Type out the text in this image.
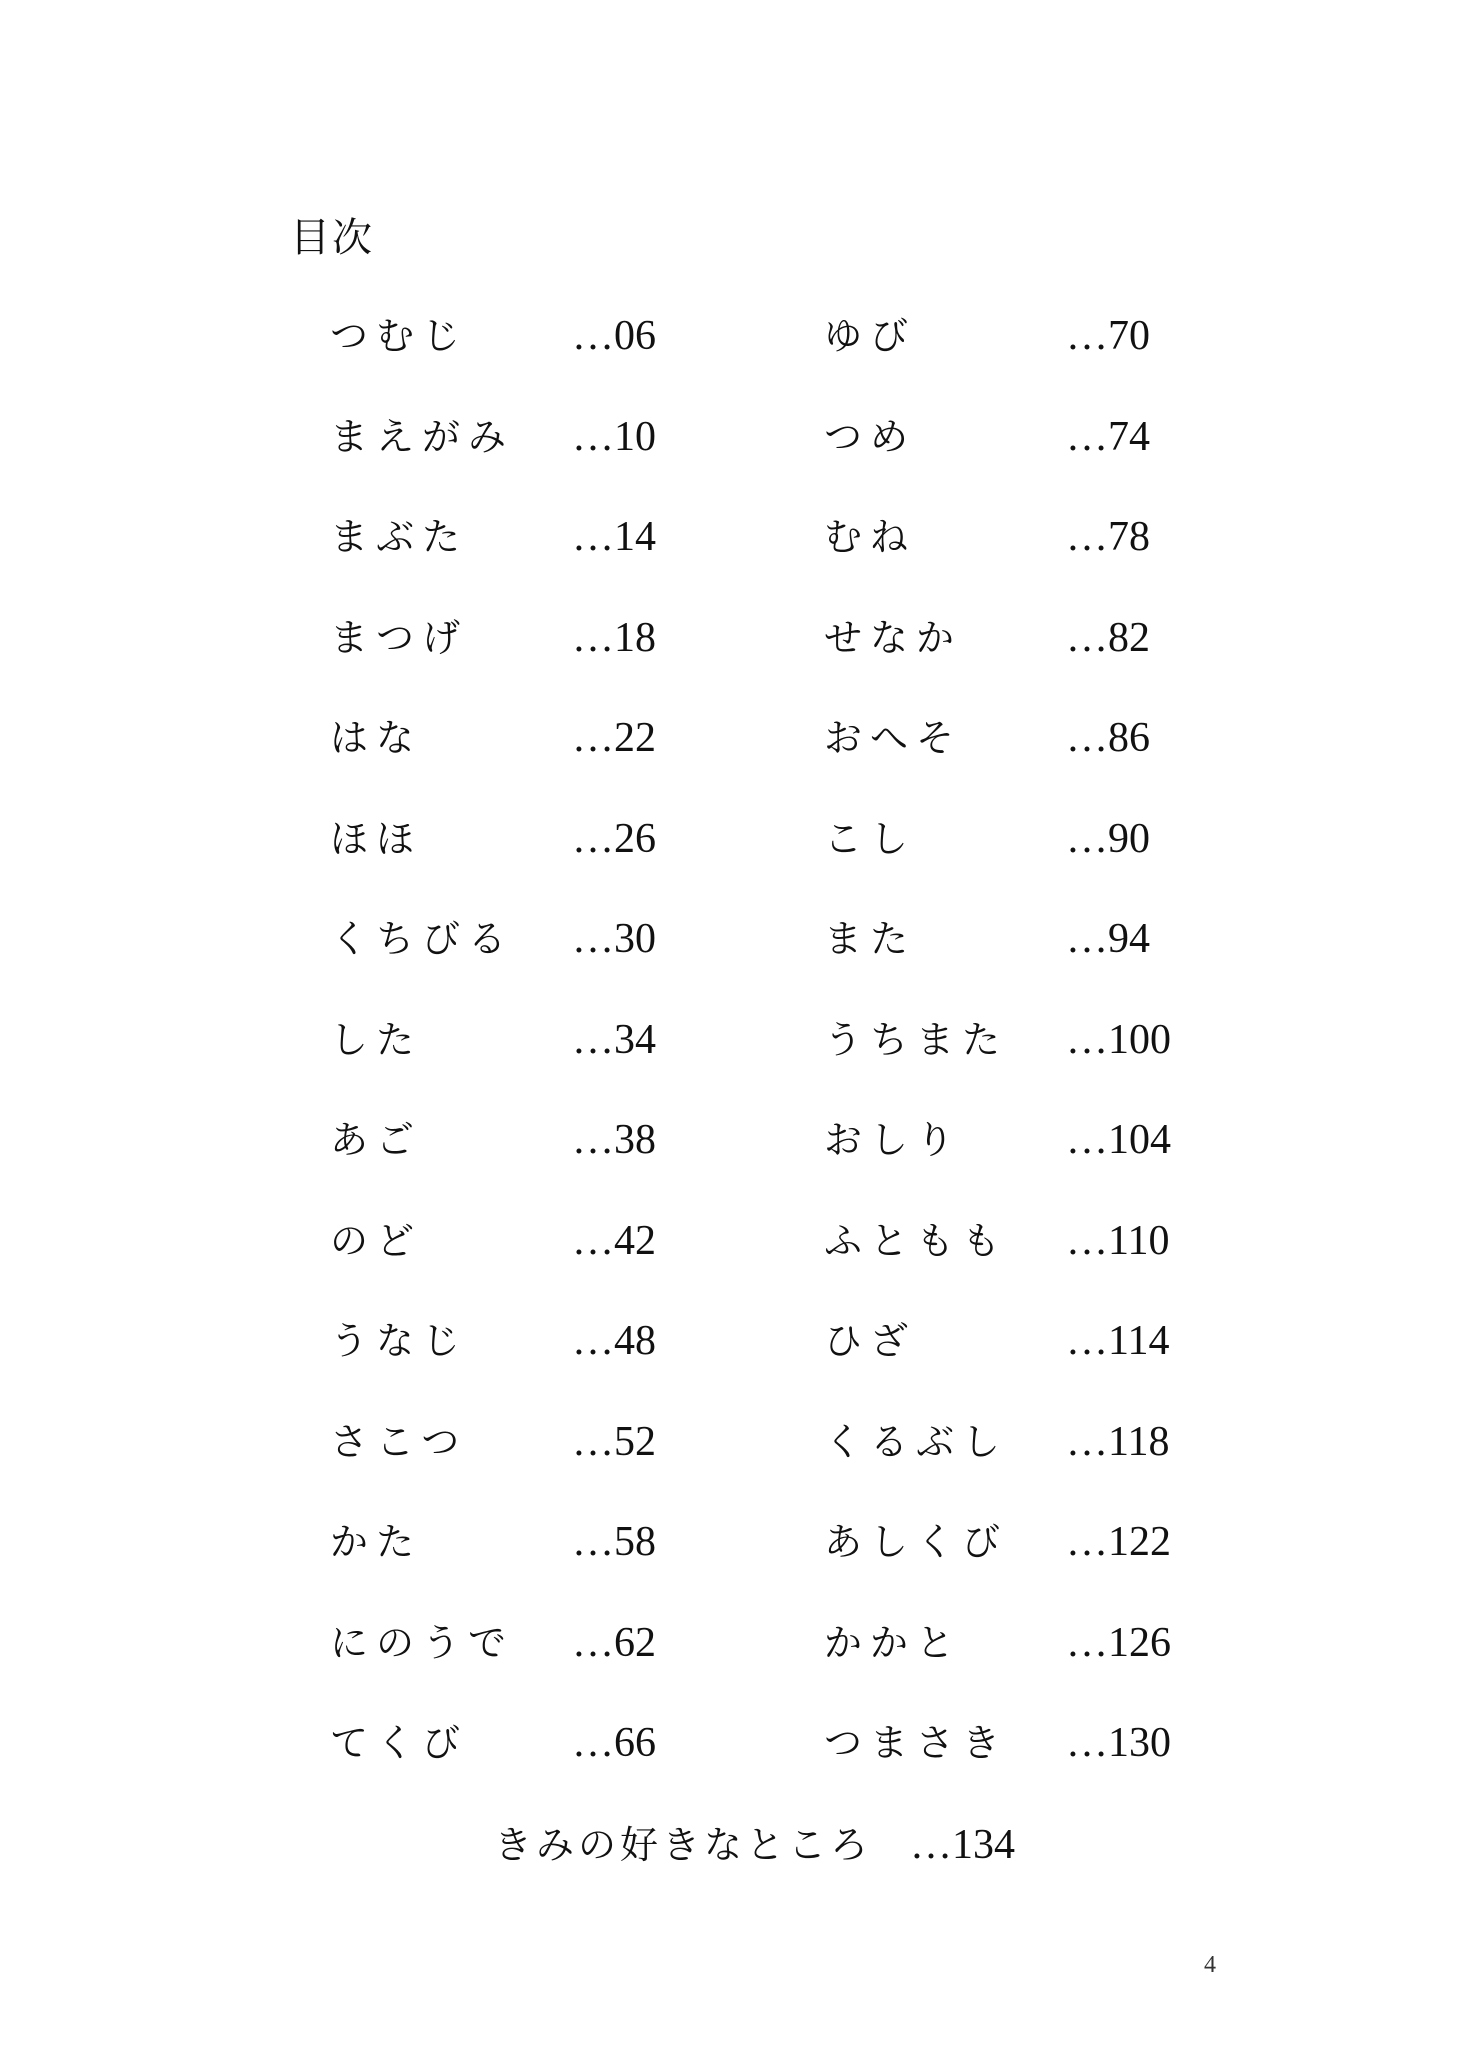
目次
つむじ …06
まえがみ …10
まぶた …14
まつげ …18
はな	…22
ほほ	…26
くちびる …30
した	…34
あご	…38
のど	…42
うなじ …48
さこつ …52
かた	…58
にのうで …62
てくび …66
ゆび	…70
つめ	…74
むね	…78
せなか …82
おへそ …86
こし	…90
また	…94
うちまた …100
おしり …104
ふともも …110
ひざ	…114
くるぶし …118
あしくび …122
かかと …126
つまさき …130
きみの好きなところ …134
4
